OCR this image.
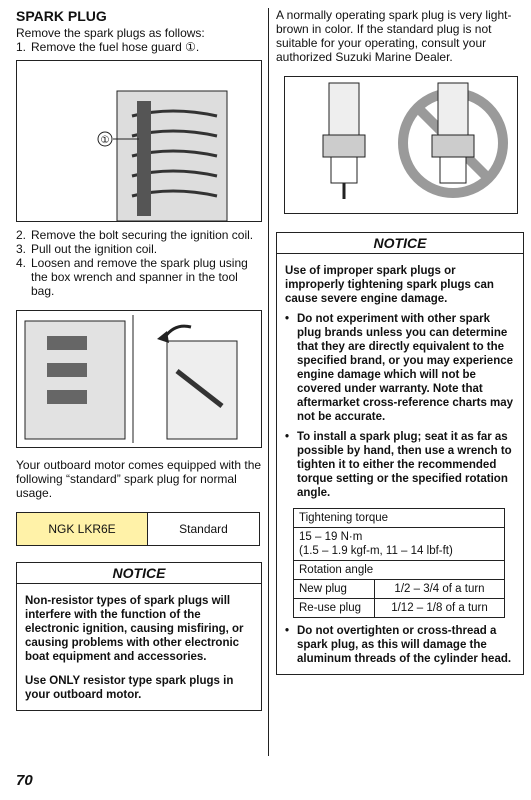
SPARK PLUG

Remove the spark plugs as follows:

1. Remove the fuel hose guard ①.
①
2. Remove the bolt securing the ignition coil.
3. Pull out the ignition coil.
4. Loosen and remove the spark plug using the box wrench and spanner in the tool bag.

Your outboard motor comes equipped with the following “standard” spark plug for normal usage.

NGK LKR6E	Standard
NOTICE

Non-resistor types of spark plugs will interfere with the function of the electronic ignition, causing misfiring, or causing problems with other electronic boat equipment and accessories.

Use ONLY resistor type spark plugs in your outboard motor.

A normally operating spark plug is very light-brown in color. If the standard plug is not suitable for your operating, consult your authorized Suzuki Marine Dealer.

NOTICE

Use of improper spark plugs or improperly tightening spark plugs can cause severe engine damage.

• Do not experiment with other spark plug brands unless you can determine that they are directly equivalent to the specified brand, or you may experience engine damage which will not be covered under warranty. Note that aftermarket cross-reference charts may not be accurate.
• To install a spark plug; seat it as far as possible by hand, then use a wrench to tighten it to either the recommended torque setting or the specified rotation angle.
Tightening torque	
15 – 19 N·m
(1.5 – 1.9 kgf-m, 11 – 14 lbf-ft)	
Rotation angle	
New plug	1/2 – 3/4 of a turn
Re-use plug	1/12 – 1/8 of a turn
• Do not overtighten or cross-thread a spark plug, as this will damage the aluminum threads of the cylinder head.
70
